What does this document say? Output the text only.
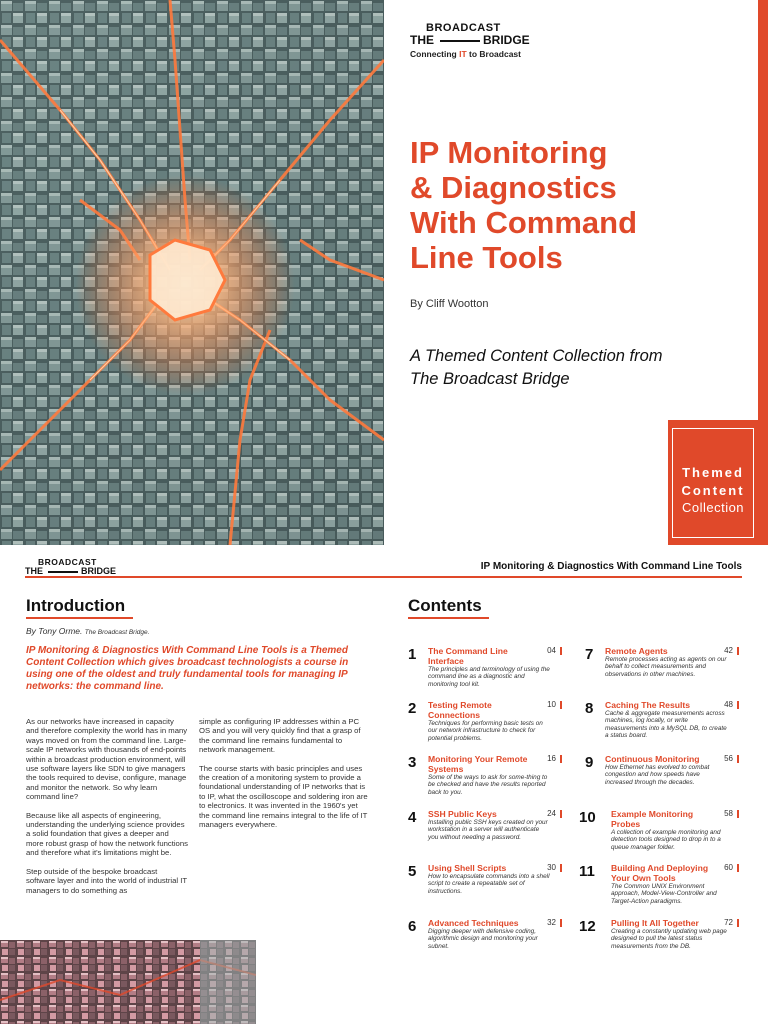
BROADCAST
THE	BRIDGE
Connecting IT to Broadcast
IP Monitoring
& Diagnostics
With Command
Line Tools
By Cliff Wootton
A Themed Content Collection from
The Broadcast Bridge
Themed
Content
Collection
BROADCAST
THE	BRIDGE	IP Monitoring & Diagnostics With Command Line Tools
Introduction
By Tony Orme. The Broadcast Bridge.
IP Monitoring & Diagnostics With Command Line Tools is a Themed Content Collection which gives broadcast technologists a course in using one of the oldest and truly fundamental tools for managing IP networks: the command line.

As our networks have increased in capacity and therefore complexity the world has in many ways moved on from the command line. Large-scale IP networks with thousands of end-points within a broadcast production environment, will use software layers like SDN to give managers the tools required to devise, configure, manage and monitor the network. So why learn command line?

Because like all aspects of engineering, understanding the underlying science provides a solid foundation that gives a deeper and more robust grasp of how the network functions and therefore what it's limitations might be.

Step outside of the bespoke broadcast software layer and into the world of industrial IT managers to do something as

simple as configuring IP addresses within a PC OS and you will very quickly find that a grasp of the command line remains fundamental to network management.

The course starts with basic principles and uses the creation of a monitoring system to provide a foundational understanding of IP networks that is to IP, what the oscilloscope and soldering iron are to electronics. It was invented in the 1960's yet the command line remains integral to the life of IT managers everywhere.

Contents
1 The Command Line Interface
04
The principles and terminology of using the command line as a diagnostic and monitoring tool kit.
2 Testing Remote Connections
10
Techniques for performing basic tests on our network infrastructure to check for potential problems.
3 Monitoring Your Remote Systems
16
Some of the ways to ask for some-thing to be checked and have the results reported back to you.
4 SSH Public Keys	24
Installing public SSH keys created on your workstation in a server will authenticate you without needing a password.
5 Using Shell Scripts	30
How to encapsulate commands into a shell script to create a repeatable set of instructions.
6 Advanced Techniques	32
Digging deeper with defensive coding, algorithmic design and monitoring your subnet.
7 Remote Agents	42
Remote processes acting as agents on our behalf to collect measurements and observations in other machines.
8 Caching The Results	48
Cache & aggregate measurements across machines, log locally, or write measurements into a MySQL DB, to create a status board.
9 Continuous Monitoring	56
How Ethernet has evolved to combat congestion and how speeds have increased through the decades.
10 Example Monitoring Probes
58
A collection of example monitoring and detection tools designed to drop in to a queue manager folder.
11 Building And Deploying Your Own Tools
60
The Common UNIX Environment approach, Model-View-Controller and Target-Action paradigms.
12 Pulling It All Together	72
Creating a constantly updating web page designed to pull the latest status measurements from the DB.
